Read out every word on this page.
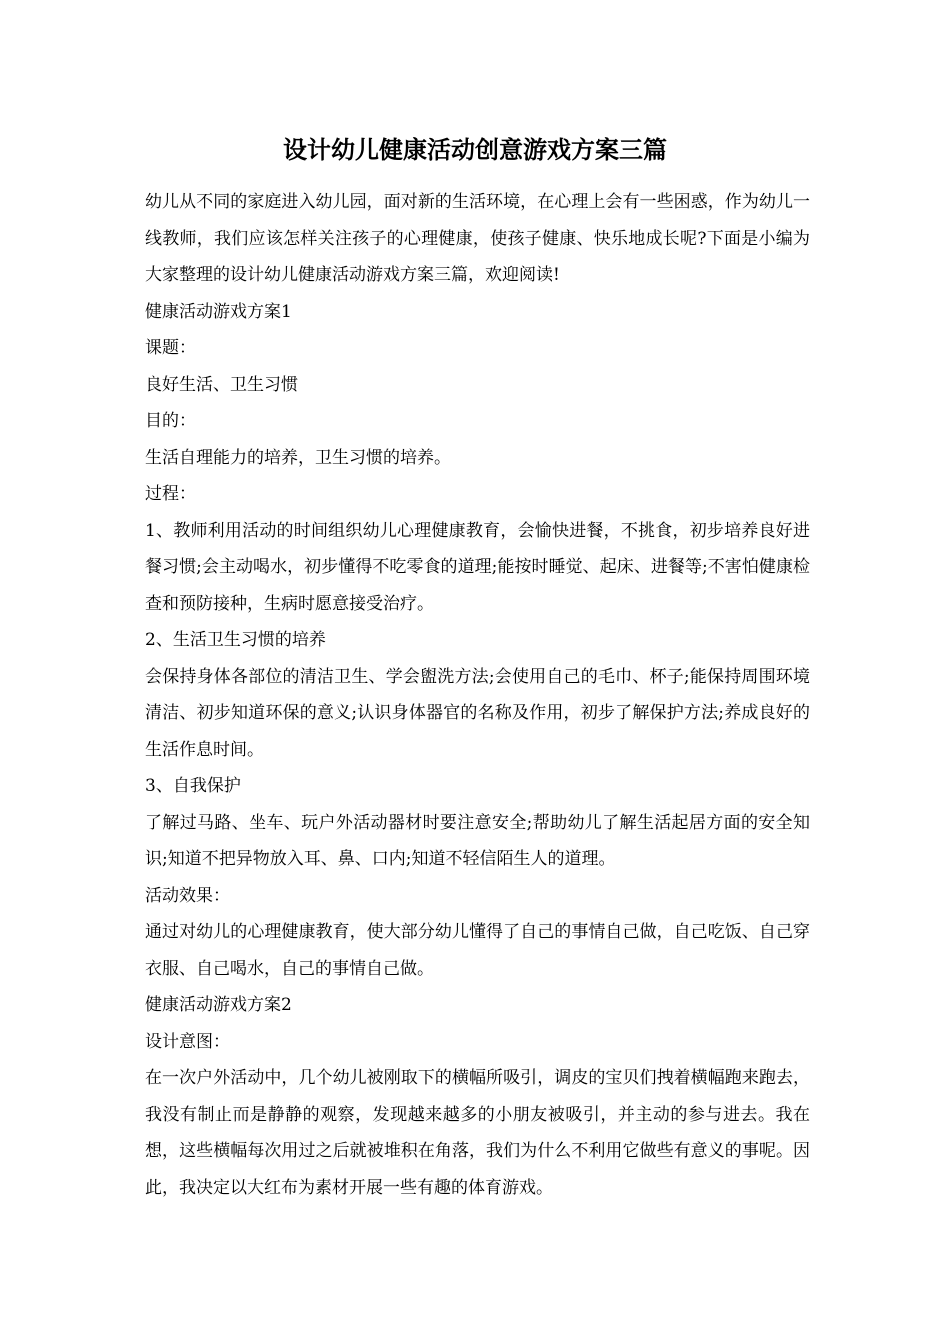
设计幼儿健康活动创意游戏方案三篇

幼儿从不同的家庭进入幼儿园，面对新的生活环境，在心理上会有一些困惑，作为幼儿一线教师，我们应该怎样关注孩子的心理健康，使孩子健康、快乐地成长呢?下面是小编为大家整理的设计幼儿健康活动游戏方案三篇，欢迎阅读!

健康活动游戏方案1

课题：

良好生活、卫生习惯

目的：

生活自理能力的培养，卫生习惯的培养。

过程：

1、教师利用活动的时间组织幼儿心理健康教育，会愉快进餐，不挑食，初步培养良好进餐习惯;会主动喝水，初步懂得不吃零食的道理;能按时睡觉、起床、进餐等;不害怕健康检查和预防接种，生病时愿意接受治疗。

2、生活卫生习惯的培养

会保持身体各部位的清洁卫生、学会盥洗方法;会使用自己的毛巾、杯子;能保持周围环境清洁、初步知道环保的意义;认识身体器官的名称及作用，初步了解保护方法;养成良好的生活作息时间。

3、自我保护

了解过马路、坐车、玩户外活动器材时要注意安全;帮助幼儿了解生活起居方面的安全知识;知道不把异物放入耳、鼻、口内;知道不轻信陌生人的道理。

活动效果：

通过对幼儿的心理健康教育，使大部分幼儿懂得了自己的事情自己做，自己吃饭、自己穿衣服、自己喝水，自己的事情自己做。

健康活动游戏方案2

设计意图：

在一次户外活动中，几个幼儿被刚取下的横幅所吸引，调皮的宝贝们拽着横幅跑来跑去，我没有制止而是静静的观察，发现越来越多的小朋友被吸引，并主动的参与进去。我在想，这些横幅每次用过之后就被堆积在角落，我们为什么不利用它做些有意义的事呢。因此，我决定以大红布为素材开展一些有趣的体育游戏。
